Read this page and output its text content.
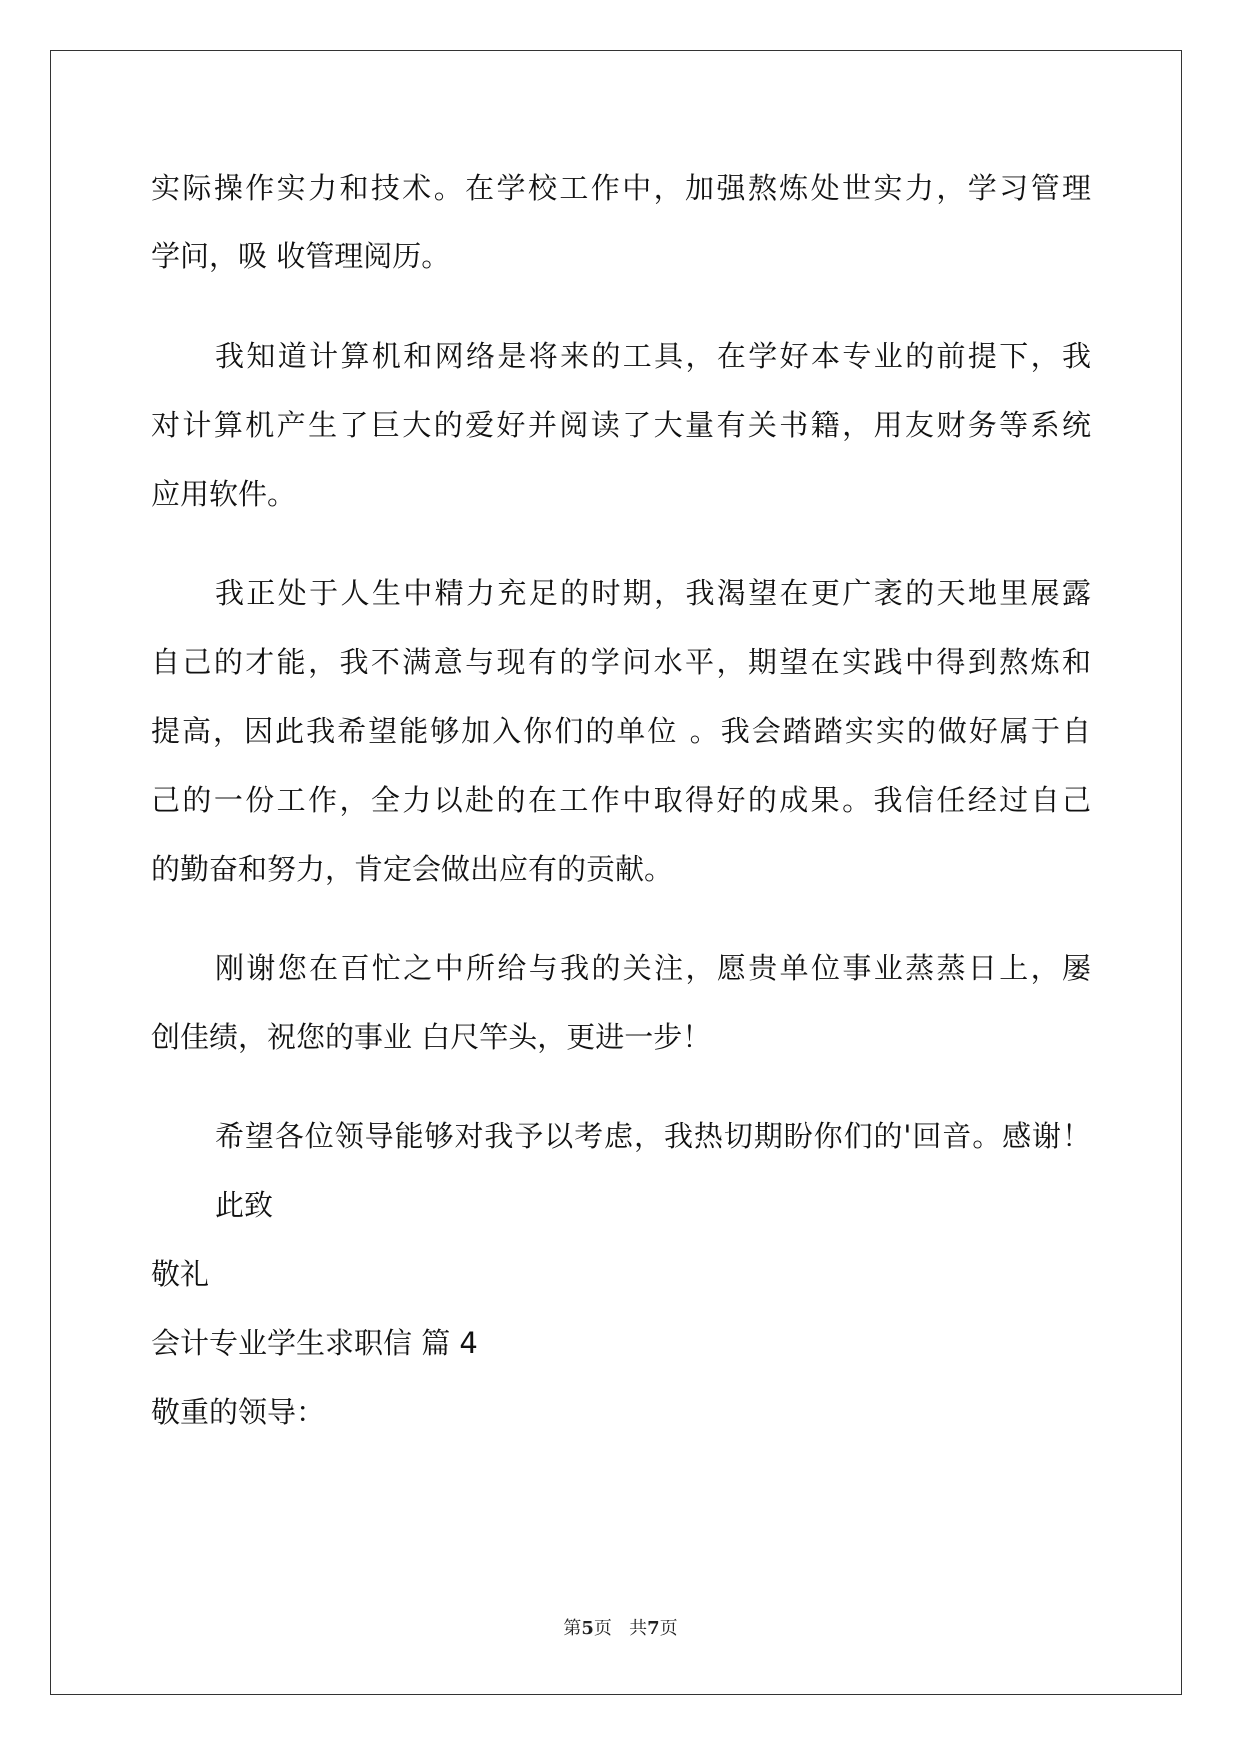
实际操作实力和技术。在学校工作中，加强熬炼处世实力，学习管理
学问，吸 收管理阅历。
我知道计算机和网络是将来的工具，在学好本专业的前提下，我
对计算机产生了巨大的爱好并阅读了大量有关书籍，用友财务等系统
应用软件。
我正处于人生中精力充足的时期，我渴望在更广袤的天地里展露
自己的才能，我不满意与现有的学问水平，期望在实践中得到熬炼和
提高，因此我希望能够加入你们的单位 。我会踏踏实实的做好属于自
己的一份工作，全力以赴的在工作中取得好的成果。我信任经过自己
的勤奋和努力，肯定会做出应有的贡献。
刚谢您在百忙之中所给与我的关注，愿贵单位事业蒸蒸日上，屡
创佳绩，祝您的事业 白尺竿头，更进一步！
希望各位领导能够对我予以考虑，我热切期盼你们的'回音。感谢！
此致
敬礼
会计专业学生求职信 篇 4
敬重的领导：
第5页   共7页
